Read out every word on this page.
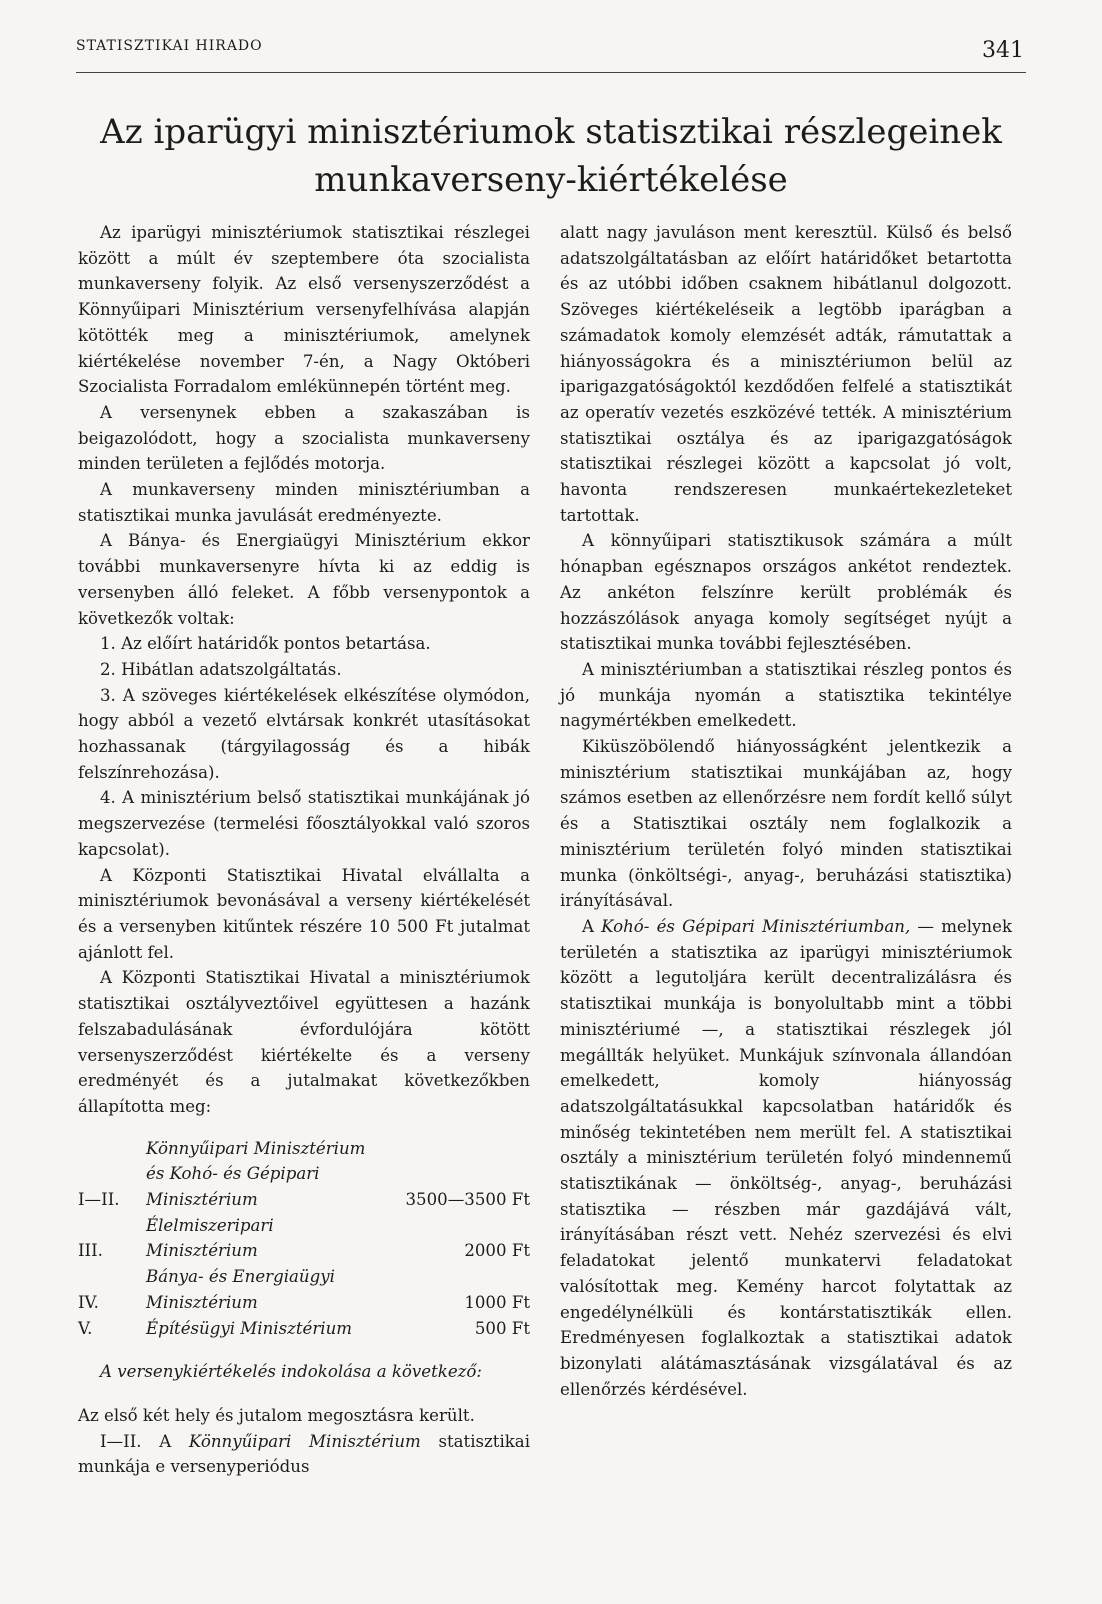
STATISZTIKAI HIRADO	341
Az iparügyi minisztériumok statisztikai részlegeinek munkaverseny-kiértékelése

Az iparügyi minisztériumok statisztikai részlegei között a múlt év szeptembere óta szocialista munkaverseny folyik. Az első versenyszerződést a Könnyűipari Minisztérium versenyfelhívása alapján kötötték meg a minisztériumok, amelynek kiértékelése november 7-én, a Nagy Októberi Szocialista Forradalom emlékünnepén történt meg.

A versenynek ebben a szakaszában is beigazolódott, hogy a szocialista munkaverseny minden területen a fejlődés motorja.

A munkaverseny minden minisztériumban a statisztikai munka javulását eredményezte.

A Bánya- és Energiaügyi Minisztérium ekkor további munkaversenyre hívta ki az eddig is versenyben álló feleket. A főbb versenypontok a következők voltak:

1. Az előírt határidők pontos betartása.

2. Hibátlan adatszolgáltatás.

3. A szöveges kiértékelések elkészítése olymódon, hogy abból a vezető elvtársak konkrét utasításokat hozhassanak (tárgyilagosság és a hibák felszínrehozása).

4. A minisztérium belső statisztikai munkájának jó megszervezése (termelési főosztályokkal való szoros kapcsolat).

A Központi Statisztikai Hivatal elvállalta a minisztériumok bevonásával a verseny kiértékelését és a versenyben kitűntek részére 10 500 Ft jutalmat ajánlott fel.

A Központi Statisztikai Hivatal a minisztériumok statisztikai osztályveztőivel együttesen a hazánk felszabadulásának évfordulójára kötött versenyszerződést kiértékelte és a verseny eredményét és a jutalmakat következőkben állapította meg:

I—II.
Könnyűipari Minisztérium
és Kohó- és Gépipari
Minisztérium	3500—3500 Ft
III.
Élelmiszeripari
Minisztérium	2000 Ft
IV.
Bánya- és Energiaügyi
Minisztérium	1000 Ft
V.	Építésügyi Minisztérium	500 Ft

A versenykiértékelés indokolása a következő:

Az első két hely és jutalom megosztásra került.

I—II. A Könnyűipari Minisztérium statisztikai munkája e versenyperiódus

alatt nagy javuláson ment keresztül. Külső és belső adatszolgáltatásban az előírt határidőket betartotta és az utóbbi időben csaknem hibátlanul dolgozott. Szöveges kiértékeléseik a legtöbb iparágban a számadatok komoly elemzését adták, rámutattak a hiányosságokra és a minisztériumon belül az iparigazgatóságoktól kezdődően felfelé a statisztikát az operatív vezetés eszközévé tették. A minisztérium statisztikai osztálya és az iparigazgatóságok statisztikai részlegei között a kapcsolat jó volt, havonta rendszeresen munkaértekezleteket tartottak.

A könnyűipari statisztikusok számára a múlt hónapban egésznapos országos ankétot rendeztek. Az ankéton felszínre került problémák és hozzászólások anyaga komoly segítséget nyújt a statisztikai munka további fejlesztésében.

A minisztériumban a statisztikai részleg pontos és jó munkája nyomán a statisztika tekintélye nagymértékben emelkedett.

Kiküszöbölendő hiányosságként jelentkezik a minisztérium statisztikai munkájában az, hogy számos esetben az ellenőrzésre nem fordít kellő súlyt és a Statisztikai osztály nem foglalkozik a minisztérium területén folyó minden statisztikai munka (önköltségi-, anyag-, beruházási statisztika) irányításával.

A Kohó- és Gépipari Minisztériumban, — melynek területén a statisztika az iparügyi minisztériumok között a legutoljára került decentralizálásra és statisztikai munkája is bonyolultabb mint a többi minisztériumé —, a statisztikai részlegek jól megállták helyüket. Munkájuk színvonala állandóan emelkedett, komoly hiányosság adatszolgáltatásukkal kapcsolatban határidők és minőség tekintetében nem merült fel. A statisztikai osztály a minisztérium területén folyó mindennemű statisztikának — önköltség-, anyag-, beruházási statisztika — részben már gazdájává vált, irányításában részt vett. Nehéz szervezési és elvi feladatokat jelentő munkatervi feladatokat valósítottak meg. Kemény harcot folytattak az engedélynélküli és kontárstatisztikák ellen. Eredményesen foglalkoztak a statisztikai adatok bizonylati alátámasztásának vizsgálatával és az ellenőrzés kérdésével.
